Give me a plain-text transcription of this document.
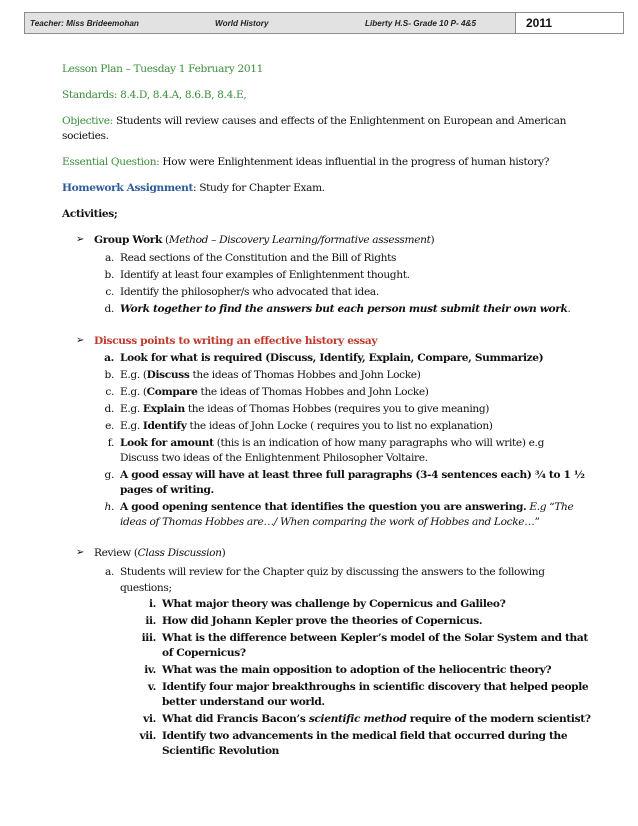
Teacher: Miss Brideemohan	World History	Liberty H.S- Grade 10 P- 4&5	2011
Lesson Plan – Tuesday 1 February 2011
Standards: 8.4.D, 8.4.A, 8.6.B, 8.4.E,
Objective: Students will review causes and effects of the Enlightenment on European and American
societies.
Essential Question: How were Enlightenment ideas influential in the progress of human history?
Homework Assignment: Study for Chapter Exam.
Activities;
➢ Group Work (Method – Discovery Learning/formative assessment)
a. Read sections of the Constitution and the Bill of Rights
b. Identify at least four examples of Enlightenment thought.
c. Identify the philosopher/s who advocated that idea.
d. Work together to find the answers but each person must submit their own work.
➢ Discuss points to writing an effective history essay
a. Look for what is required (Discuss, Identify, Explain, Compare, Summarize)
b. E.g. (Discuss the ideas of Thomas Hobbes and John Locke)
c. E.g. (Compare the ideas of Thomas Hobbes and John Locke)
d. E.g. Explain the ideas of Thomas Hobbes (requires you to give meaning)
e. E.g. Identify the ideas of John Locke ( requires you to list no explanation)
f. Look for amount (this is an indication of how many paragraphs who will write) e.g
Discuss two ideas of the Enlightenment Philosopher Voltaire.
g. A good essay will have at least three full paragraphs (3-4 sentences each) ¾ to 1 ½
pages of writing.
h. A good opening sentence that identifies the question you are answering. E.g “The
ideas of Thomas Hobbes are…/ When comparing the work of Hobbes and Locke…”
➢ Review (Class Discussion)
a. Students will review for the Chapter quiz by discussing the answers to the following
questions;
i. What major theory was challenge by Copernicus and Galileo?
ii. How did Johann Kepler prove the theories of Copernicus.
iii. What is the difference between Kepler’s model of the Solar System and that
of Copernicus?
iv. What was the main opposition to adoption of the heliocentric theory?
v. Identify four major breakthroughs in scientific discovery that helped people
better understand our world.
vi. What did Francis Bacon’s scientific method require of the modern scientist?
vii. Identify two advancements in the medical field that occurred during the
Scientific Revolution
